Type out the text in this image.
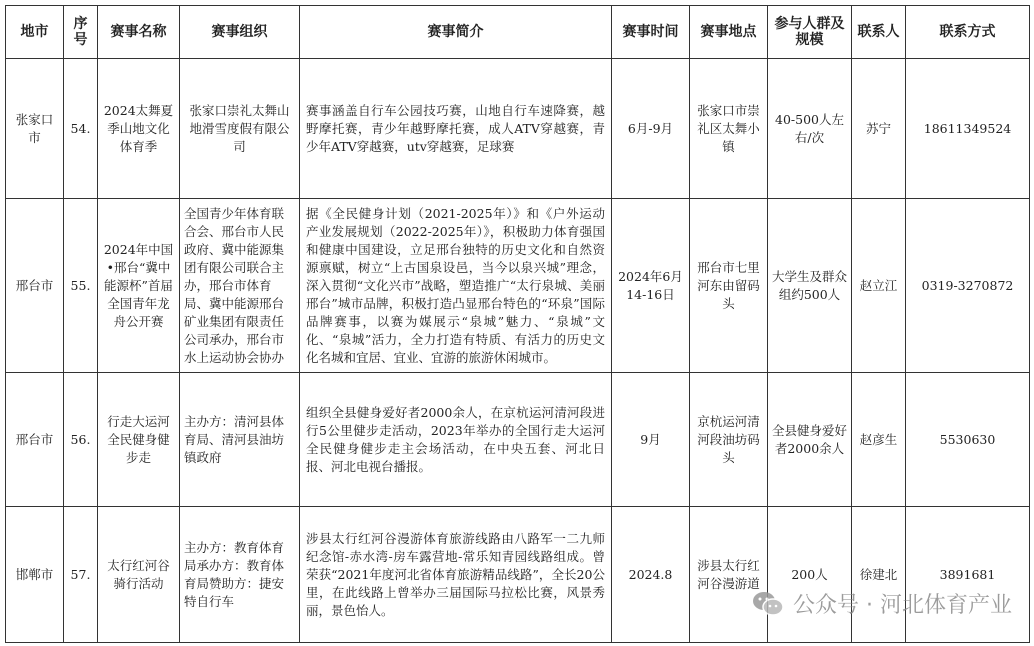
地市	序号	赛事名称	赛事组织	赛事简介	赛事时间	赛事地点	参与人群及规模	联系人	联系方式
张家口市	54.	2024太舞夏季山地文化体育季	张家口崇礼太舞山地滑雪度假有限公司	赛事涵盖自行车公园技巧赛，山地自行车速降赛，越野摩托赛，青少年越野摩托赛，成人ATV穿越赛，青少年ATV穿越赛，utv穿越赛，足球赛	6月-9月	张家口市崇礼区太舞小镇	40-500人左右/次	苏宁	18611349524
邢台市	55.	2024年中国•邢台“冀中能源杯”首届全国青年龙舟公开赛	全国青少年体育联合会、邢台市人民政府、冀中能源集团有限公司联合主办，邢台市体育局、冀中能源邢台矿业集团有限责任公司承办，邢台市水上运动协会协办	据《全民健身计划（2021-2025年）》和《户外运动产业发展规划（2022-2025年）》，积极助力体育强国和健康中国建设，立足邢台独特的历史文化和自然资源禀赋，树立“上古国泉设邑，当今以泉兴城”理念，深入贯彻“文化兴市”战略，塑造推广“太行泉城、美丽邢台”城市品牌，积极打造凸显邢台特色的“环泉”国际品牌赛事，以赛为媒展示“泉城”魅力、“泉城”文化、“泉城”活力，全力打造有特质、有活力的历史文化名城和宜居、宜业、宜游的旅游休闲城市。	2024年6月14-16日	邢台市七里河东由留码头	大学生及群众组约500人	赵立江	0319-3270872
邢台市	56.	行走大运河全民健身健步走	主办方：清河县体育局、清河县油坊镇政府	组织全县健身爱好者2000余人，在京杭运河清河段进行5公里健步走活动，2023年举办的全国行走大运河全民健身健步走主会场活动，在中央五套、河北日报、河北电视台播报。	9月	京杭运河清河段油坊码头	全县健身爱好者2000余人	赵彦生	5530630
邯郸市	57.	太行红河谷骑行活动	主办方：教育体育局承办方：教育体育局赞助方：捷安特自行车	涉县太行红河谷漫游体育旅游线路由八路军一二九师纪念馆-赤水湾-房车露营地-常乐知青园线路组成。曾荣获“2021年度河北省体育旅游精品线路”，全长20公里，在此线路上曾举办三届国际马拉松比赛，风景秀丽，景色怡人。	2024.8	涉县太行红河谷漫游道	200人	徐建北	3891681
公众号 · 河北体育产业
